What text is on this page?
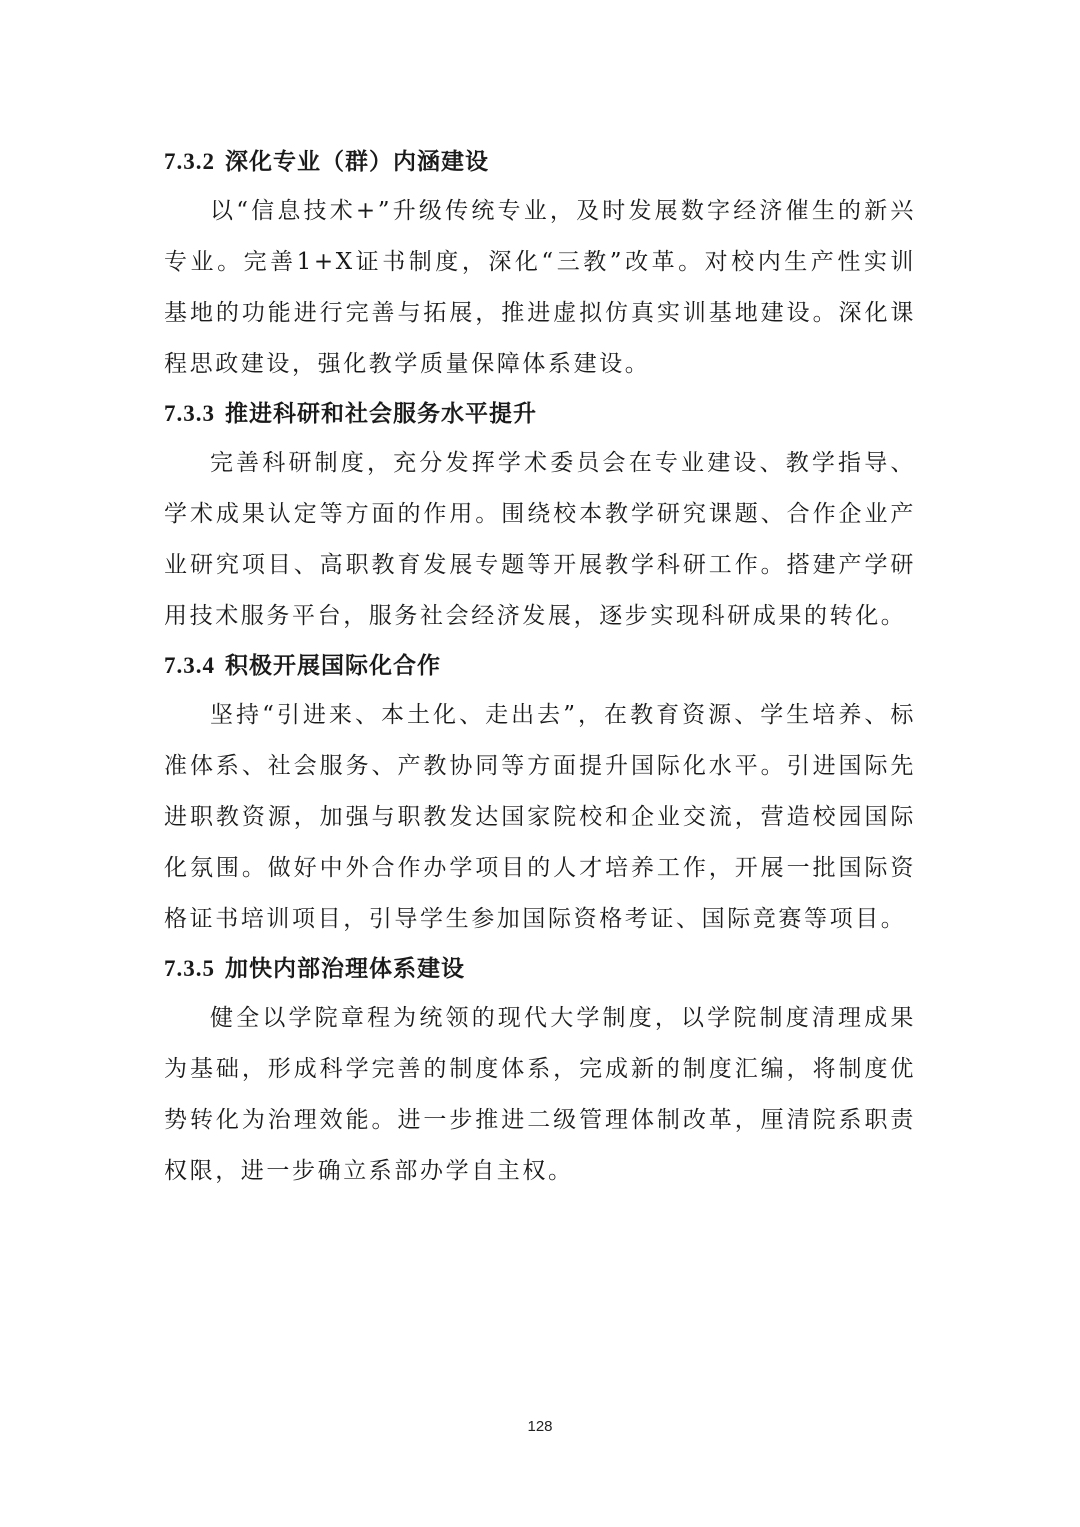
7.3.2 深化专业（群）内涵建设

以“信息技术+”升级传统专业，及时发展数字经济催生的新兴专业。完善1+X证书制度，深化“三教”改革。对校内生产性实训基地的功能进行完善与拓展，推进虚拟仿真实训基地建设。深化课程思政建设，强化教学质量保障体系建设。

7.3.3 推进科研和社会服务水平提升

完善科研制度，充分发挥学术委员会在专业建设、教学指导、学术成果认定等方面的作用。围绕校本教学研究课题、合作企业产业研究项目、高职教育发展专题等开展教学科研工作。搭建产学研用技术服务平台，服务社会经济发展，逐步实现科研成果的转化。

7.3.4 积极开展国际化合作

坚持“引进来、本土化、走出去”，在教育资源、学生培养、标准体系、社会服务、产教协同等方面提升国际化水平。引进国际先进职教资源，加强与职教发达国家院校和企业交流，营造校园国际化氛围。做好中外合作办学项目的人才培养工作，开展一批国际资格证书培训项目，引导学生参加国际资格考证、国际竞赛等项目。

7.3.5 加快内部治理体系建设

健全以学院章程为统领的现代大学制度，以学院制度清理成果为基础，形成科学完善的制度体系，完成新的制度汇编，将制度优势转化为治理效能。进一步推进二级管理体制改革，厘清院系职责权限，进一步确立系部办学自主权。

128
